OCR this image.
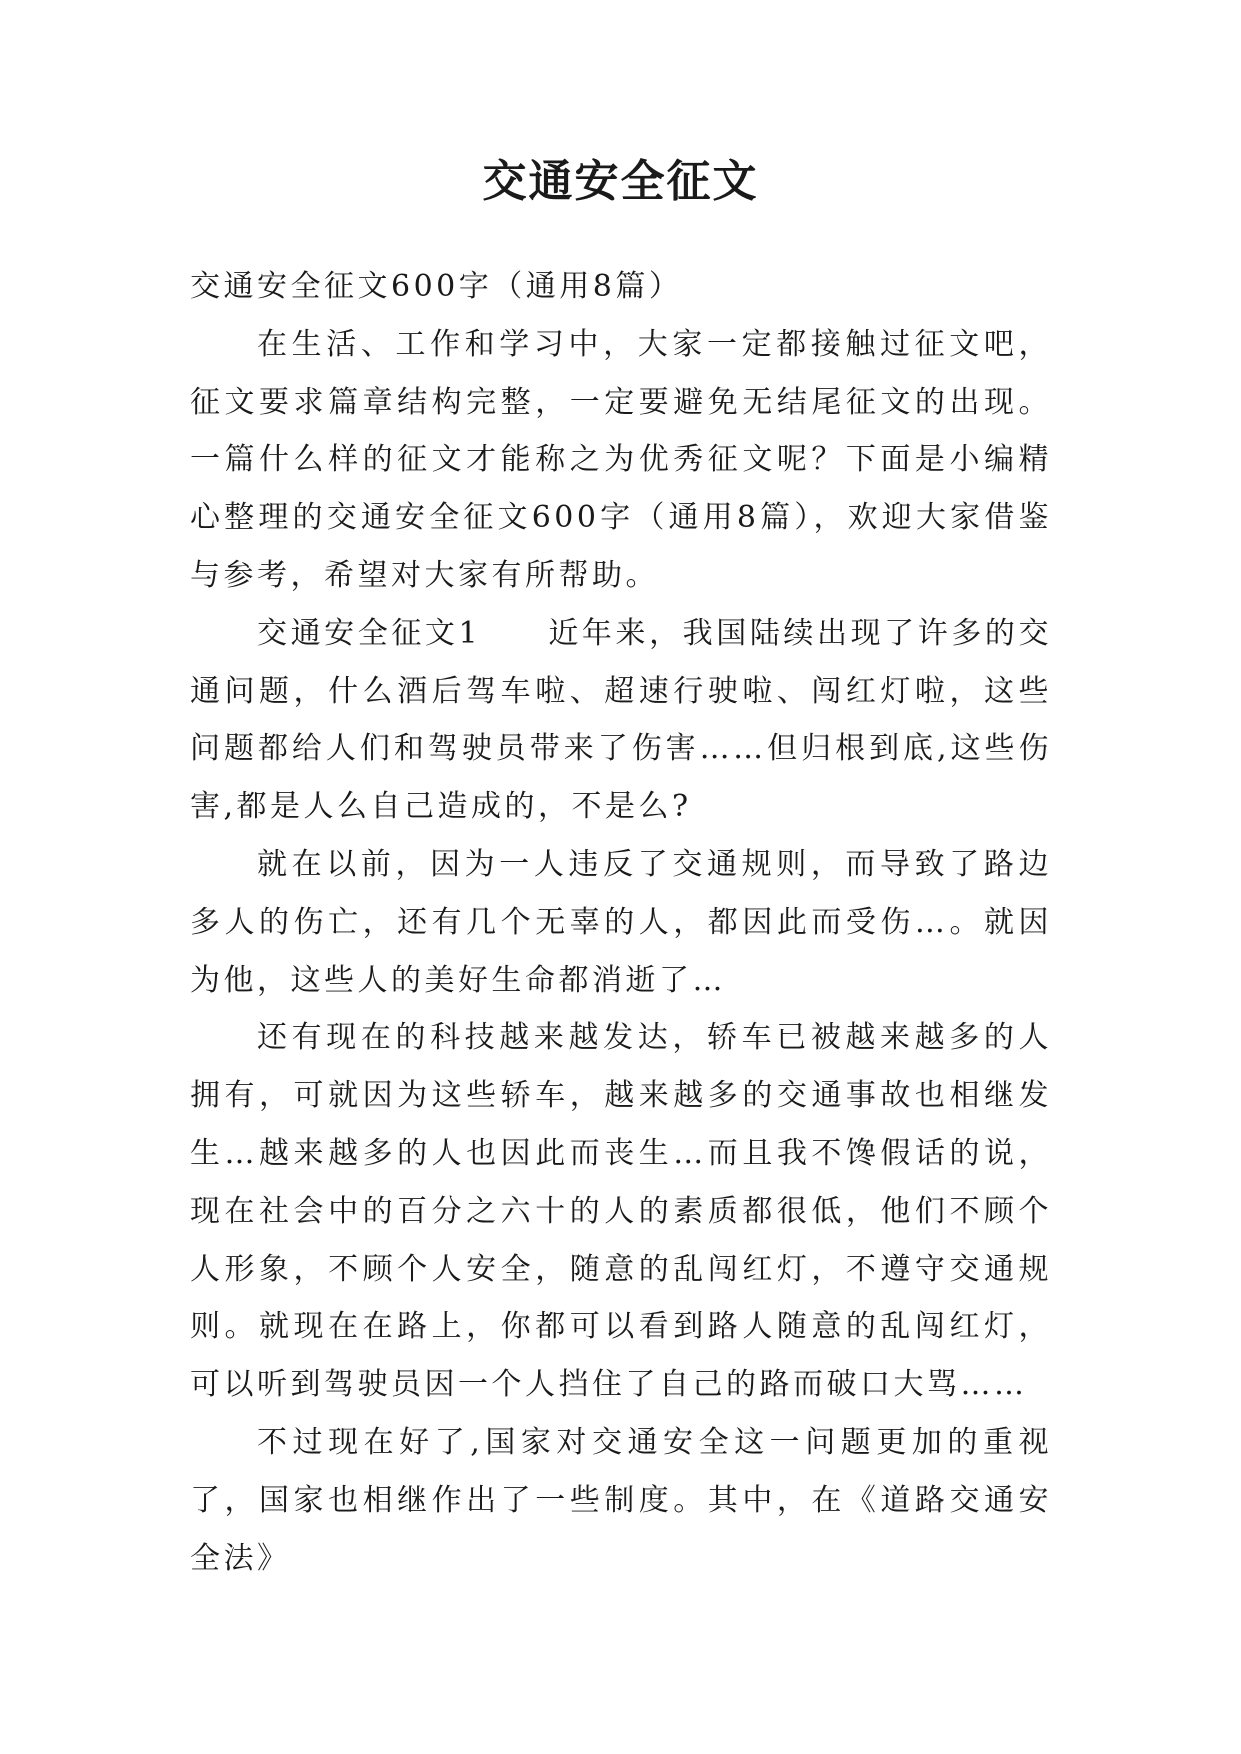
交通安全征文

交通安全征文600字（通用8篇）

在生活、工作和学习中，大家一定都接触过征文吧，征文要求篇章结构完整，一定要避免无结尾征文的出现。一篇什么样的征文才能称之为优秀征文呢？下面是小编精心整理的交通安全征文600字（通用8篇），欢迎大家借鉴与参考，希望对大家有所帮助。

交通安全征文1　　近年来，我国陆续出现了许多的交通问题，什么酒后驾车啦、超速行驶啦、闯红灯啦，这些问题都给人们和驾驶员带来了伤害……但归根到底,这些伤害,都是人么自己造成的，不是么?

就在以前，因为一人违反了交通规则，而导致了路边多人的伤亡，还有几个无辜的人，都因此而受伤…。就因为他，这些人的美好生命都消逝了…

还有现在的科技越来越发达，轿车已被越来越多的人拥有，可就因为这些轿车，越来越多的交通事故也相继发生…越来越多的人也因此而丧生…而且我不馋假话的说，现在社会中的百分之六十的人的素质都很低，他们不顾个人形象，不顾个人安全，随意的乱闯红灯，不遵守交通规则。就现在在路上，你都可以看到路人随意的乱闯红灯，可以听到驾驶员因一个人挡住了自己的路而破口大骂……

不过现在好了,国家对交通安全这一问题更加的重视了，国家也相继作出了一些制度。其中，在《道路交通安全法》
